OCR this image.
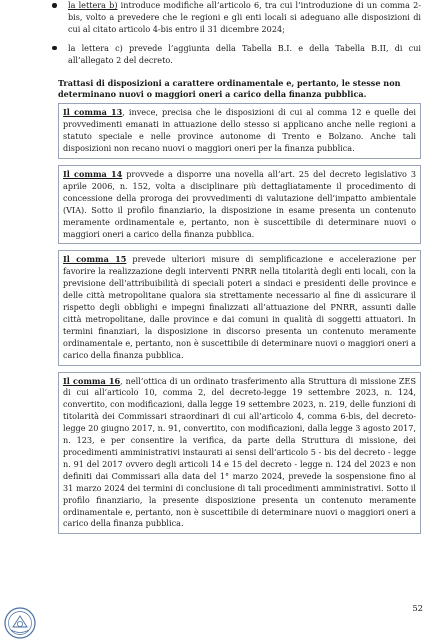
la lettera b) introduce modifiche all’articolo 6, tra cui l’introduzione di un comma 2-bis, volto a prevedere che le regioni e gli enti locali si adeguano alle disposizioni di cui al citato articolo 4-bis entro il 31 dicembre 2024;
la lettera c) prevede l’aggiunta della Tabella B.I. e della Tabella B.II, di cui all’allegato 2 del decreto.
Trattasi di disposizioni a carattere ordinamentale e, pertanto, le stesse non determinano nuovi o maggiori oneri a carico della finanza pubblica.
Il comma 13, invece, precisa che le disposizioni di cui al comma 12 e quelle dei provvedimenti emanati in attuazione dello stesso si applicano anche nelle regioni a statuto speciale e nelle province autonome di Trento e Bolzano. Anche tali disposizioni non recano nuovi o maggiori oneri per la finanza pubblica.
Il comma 14 provvede a disporre una novella all’art. 25 del decreto legislativo 3 aprile 2006, n. 152, volta a disciplinare più dettagliatamente il procedimento di concessione della proroga dei provvedimenti di valutazione dell’impatto ambientale (VIA). Sotto il profilo finanziario, la disposizione in esame presenta un contenuto meramente ordinamentale e, pertanto, non è suscettibile di determinare nuovi o maggiori oneri a carico della finanza pubblica.
Il comma 15 prevede ulteriori misure di semplificazione e accelerazione per favorire la realizzazione degli interventi PNRR nella titolarità degli enti locali, con la previsione dell’attribuibilità di speciali poteri a sindaci e presidenti delle province e delle città metropolitane qualora sia strettamente necessario al fine di assicurare il rispetto degli obblighi e impegni finalizzati all’attuazione del PNRR, assunti dalle città metropolitane, dalle province e dai comuni in qualità di soggetti attuatori. In termini finanziari, la disposizione in discorso presenta un contenuto meramente ordinamentale e, pertanto, non è suscettibile di determinare nuovi o maggiori oneri a carico della finanza pubblica.
Il comma 16, nell’ottica di un ordinato trasferimento alla Struttura di missione ZES di cui all’articolo 10, comma 2, del decreto-legge 19 settembre 2023, n. 124, convertito, con modificazioni, dalla legge 19 settembre 2023, n. 219, delle funzioni di titolarità dei Commissari straordinari di cui all’articolo 4, comma 6-bis, del decreto-legge 20 giugno 2017, n. 91, convertito, con modificazioni, dalla legge 3 agosto 2017, n. 123, e per consentire la verifica, da parte della Struttura di missione, dei procedimenti amministrativi instaurati ai sensi dell’articolo 5 - bis del decreto - legge n. 91 del 2017 ovvero degli articoli 14 e 15 del decreto - legge n. 124 del 2023 e non definiti dai Commissari alla data del 1° marzo 2024, prevede la sospensione fino al 31 marzo 2024 dei termini di conclusione di tali procedimenti amministrativi. Sotto il profilo finanziario, la presente disposizione presenta un contenuto meramente ordinamentale e, pertanto, non è suscettibile di determinare nuovi o maggiori oneri a carico della finanza pubblica.
52
